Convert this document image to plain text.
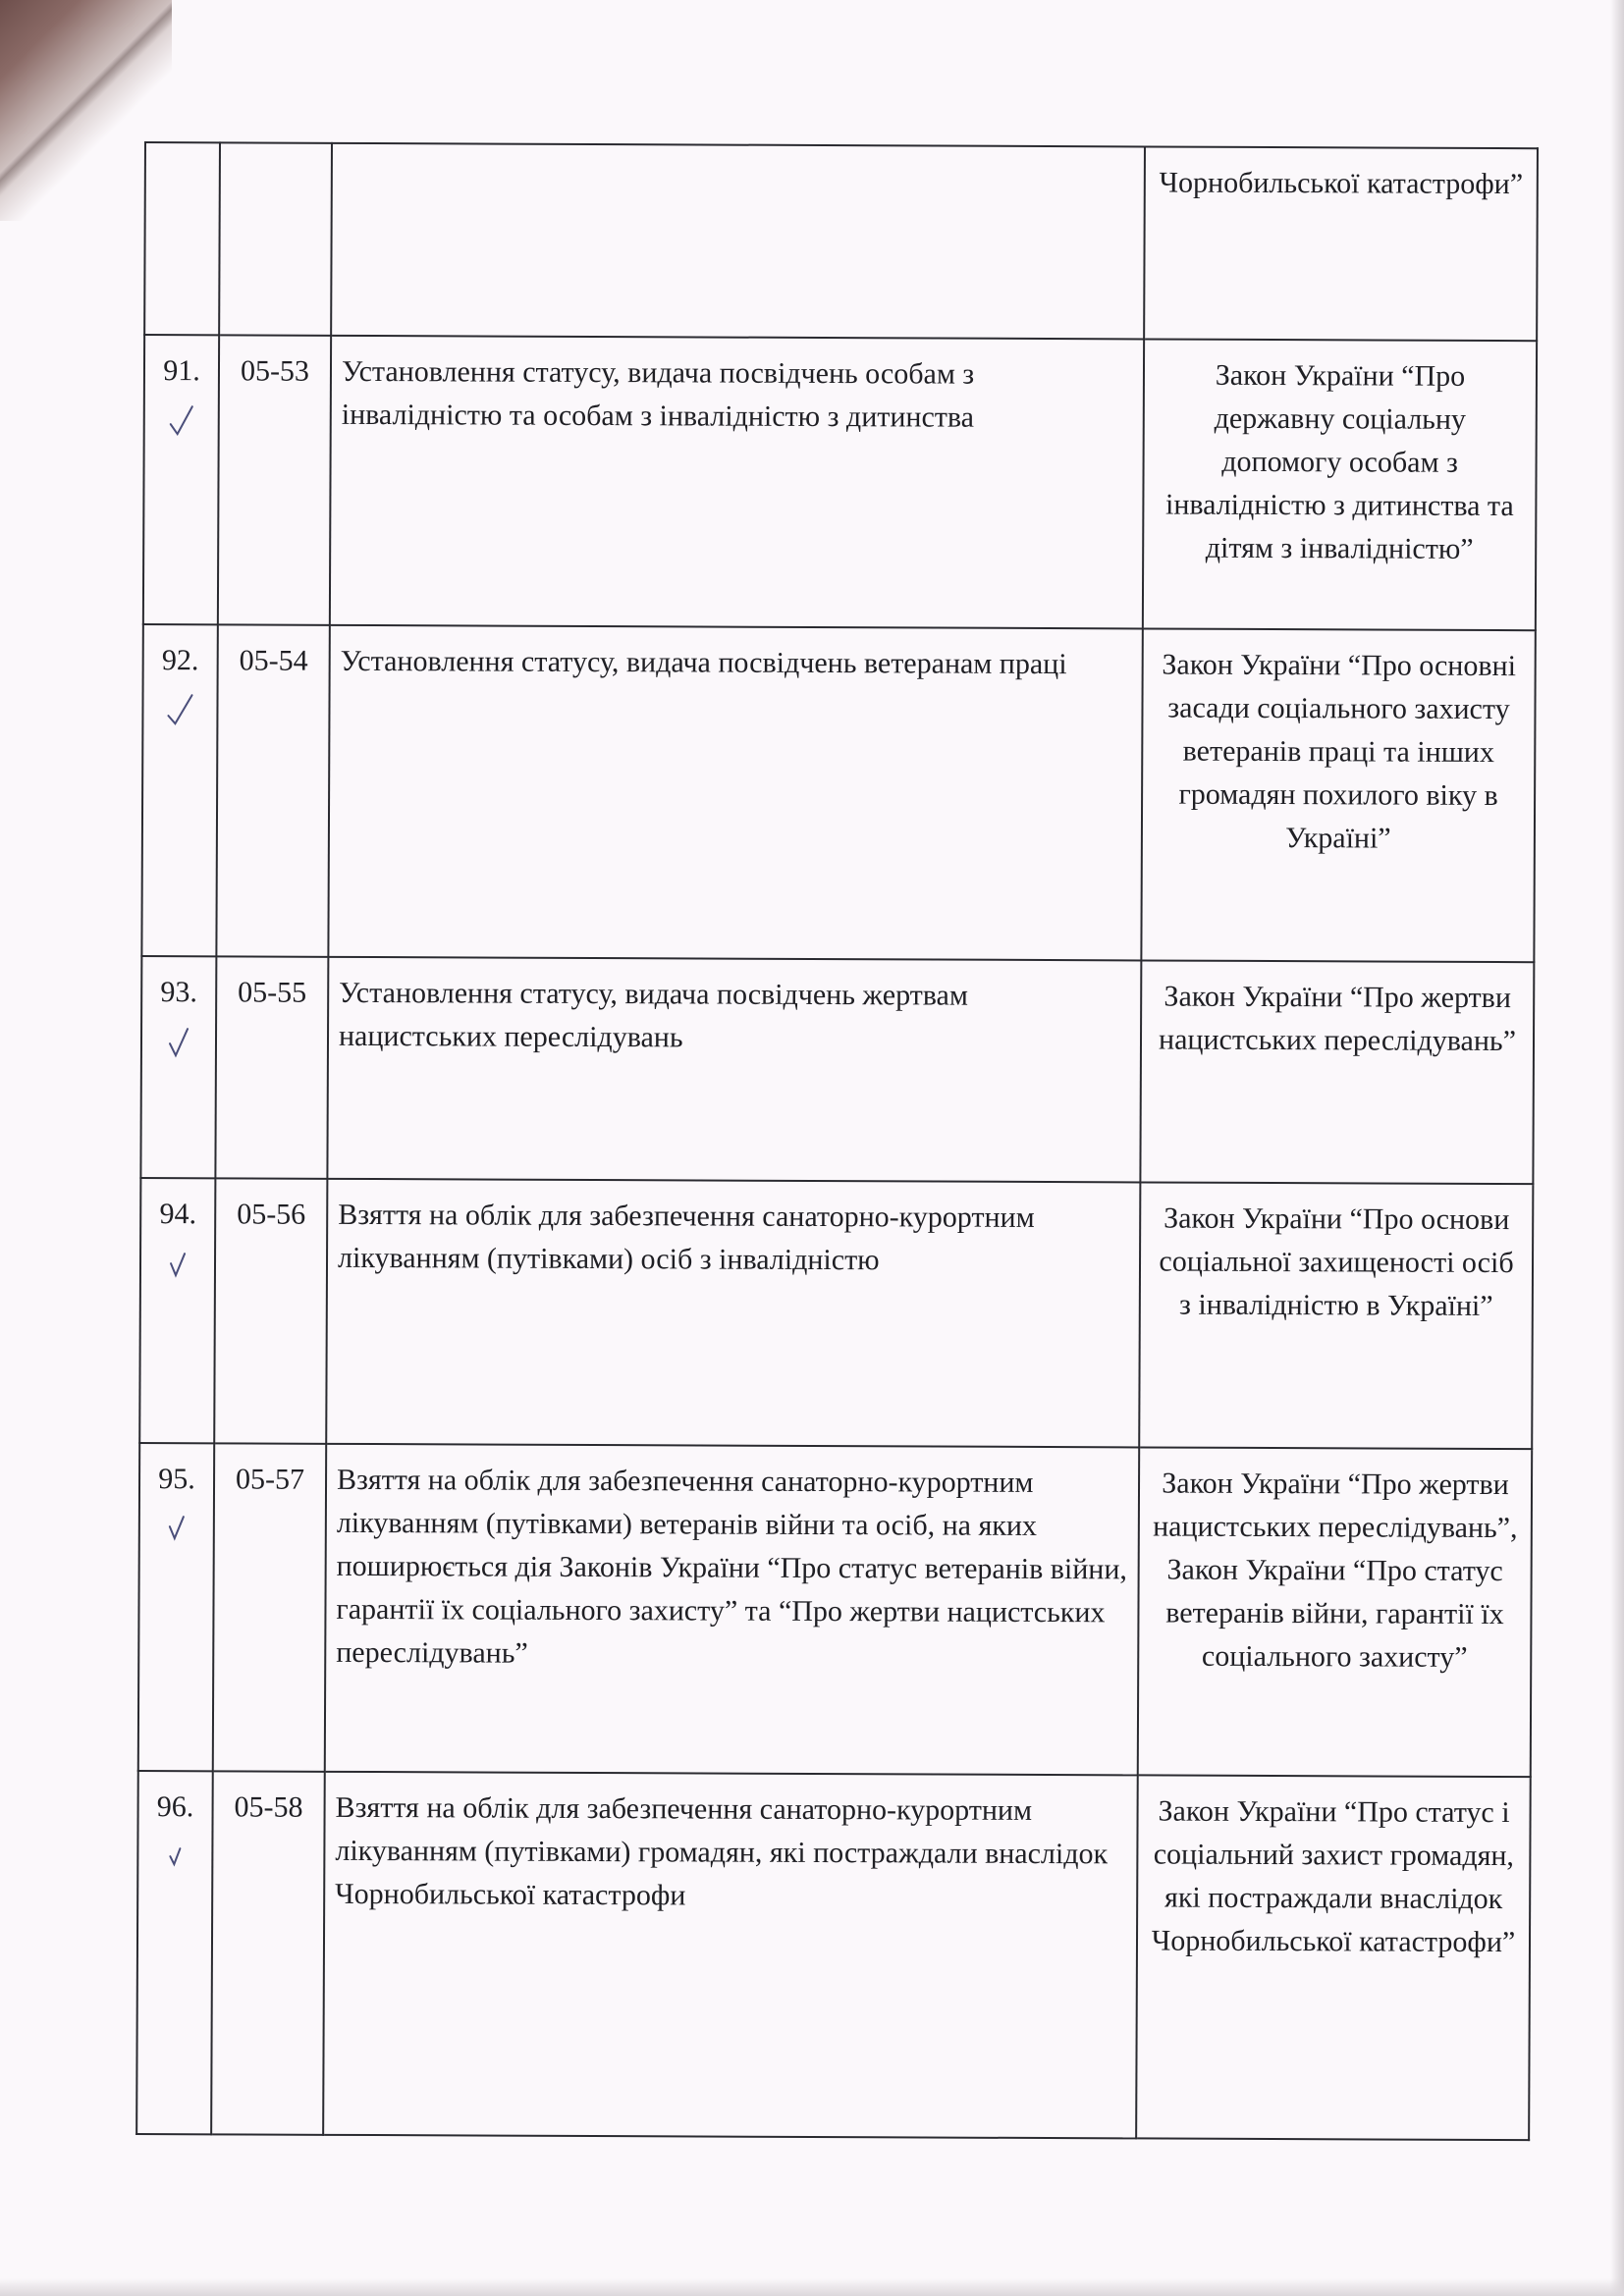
			Чорнобильської катастрофи”
91.	05-53	Установлення статусу, видача посвідчень особам з інвалідністю та особам з інвалідністю з дитинства	Закон України “Про державну соціальну допомогу особам з інвалідністю з дитинства та дітям з інвалідністю”
92.	05-54	Установлення статусу, видача посвідчень ветеранам праці	Закон України “Про основні засади соціального захисту ветеранів праці та інших громадян похилого віку в Україні”
93.	05-55	Установлення статусу, видача посвідчень жертвам нацистських переслідувань	Закон України “Про жертви нацистських переслідувань”
94.	05-56	Взяття на облік для забезпечення санаторно-курортним лікуванням (путівками) осіб з інвалідністю	Закон України “Про основи соціальної захищеності осіб з інвалідністю в Україні”
95.	05-57	Взяття на облік для забезпечення санаторно-курортним лікуванням (путівками) ветеранів війни та осіб, на яких поширюється дія Законів України “Про статус ветеранів війни, гарантії їх соціального захисту” та “Про жертви нацистських переслідувань”	Закон України “Про жертви нацистських переслідувань”, Закон України “Про статус ветеранів війни, гарантії їх соціального захисту”
96.	05-58	Взяття на облік для забезпечення санаторно-курортним лікуванням (путівками) громадян, які постраждали внаслідок Чорнобильської катастрофи	Закон України “Про статус і соціальний захист громадян, які постраждали внаслідок Чорнобильської катастрофи”
